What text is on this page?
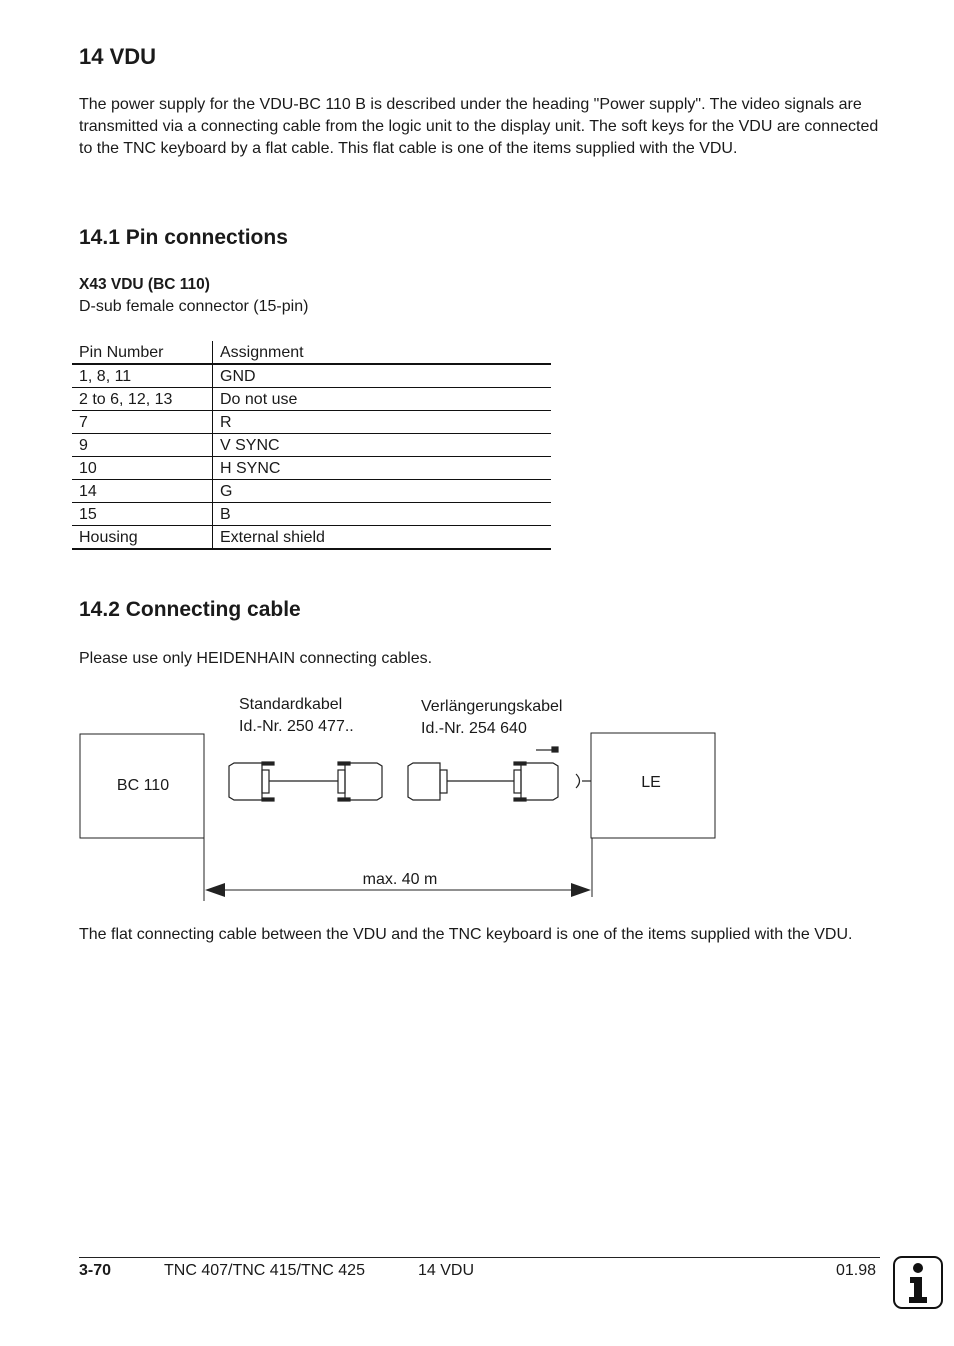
14 VDU

The power supply for the VDU-BC 110 B is described under the heading "Power supply". The video signals are transmitted via a connecting cable from the logic unit to the display unit. The soft keys for the VDU are connected to the TNC keyboard by a flat cable. This flat cable is one of the items supplied with the VDU.

14.1 Pin connections
X43 VDU (BC 110)
D-sub female connector (15-pin)
Pin Number	Assignment
1, 8, 11	GND
2 to 6, 12, 13	Do not use
7	R
9	V SYNC
10	H SYNC
14	G
15	B
Housing	External shield
14.2 Connecting cable
Please use only HEIDENHAIN connecting cables.
BC 110	LE
Standardkabel
Id.-Nr. 250 477..
Verlängerungskabel
Id.-Nr. 254 640
max. 40 m

The flat connecting cable between the VDU and the TNC keyboard is one of the items supplied with the VDU.

3-70	TNC 407/TNC 415/TNC 425	14 VDU	01.98
